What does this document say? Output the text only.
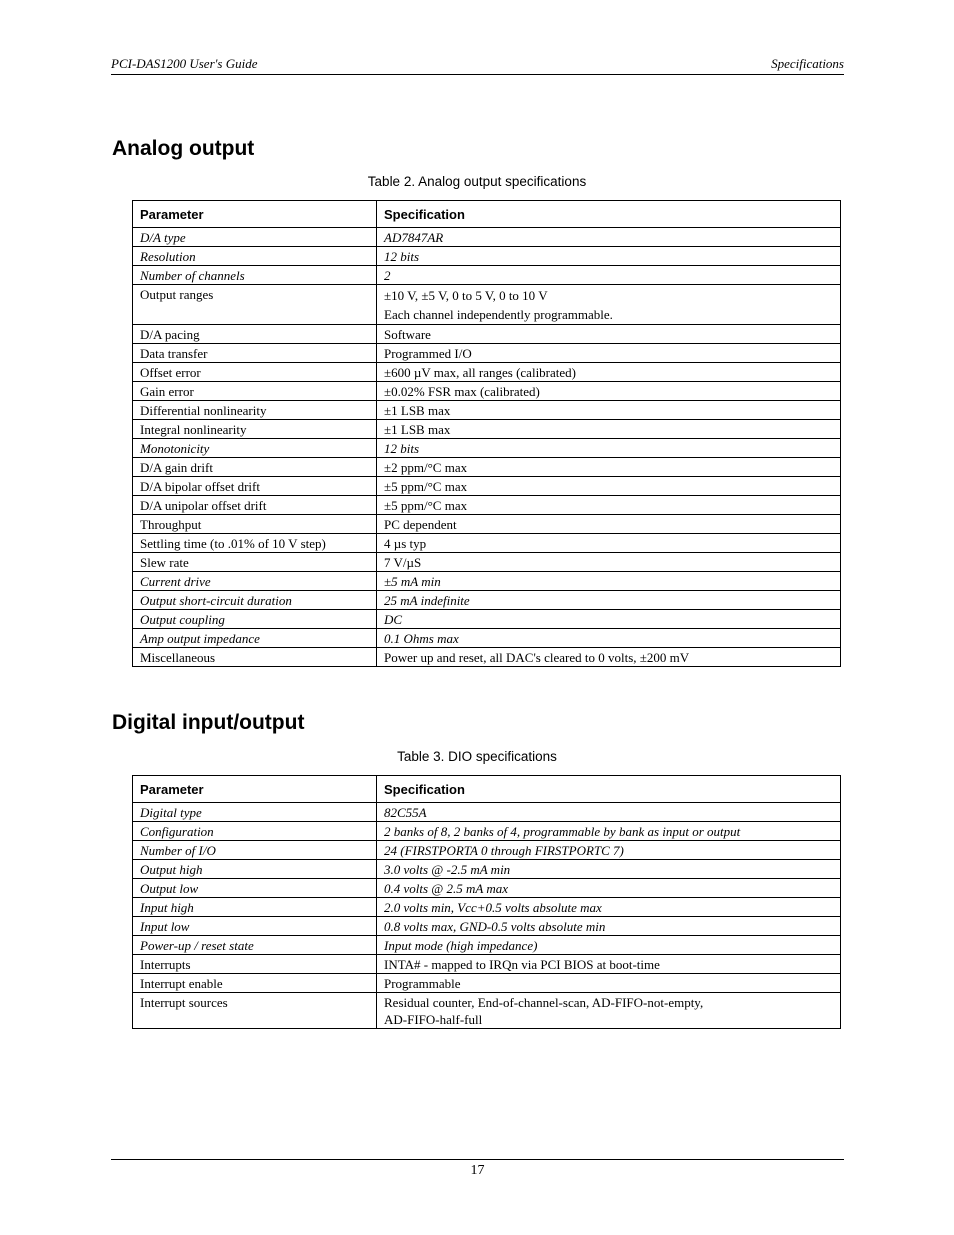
PCI-DAS1200 User's Guide	Specifications
Analog output
Table 2. Analog output specifications
Parameter	Specification
D/A type	AD7847AR
Resolution	12 bits
Number of channels	2
Output ranges	±10 V, ±5 V, 0 to 5 V, 0 to 10 V
Each channel independently programmable.
D/A pacing	Software
Data transfer	Programmed I/O
Offset error	±600 µV max, all ranges (calibrated)
Gain error	±0.02% FSR max (calibrated)
Differential nonlinearity	±1 LSB max
Integral nonlinearity	±1 LSB max
Monotonicity	12 bits
D/A gain drift	±2 ppm/°C max
D/A bipolar offset drift	±5 ppm/°C max
D/A unipolar offset drift	±5 ppm/°C max
Throughput	PC dependent
Settling time (to .01% of 10 V step)	4 µs typ
Slew rate	7 V/µS
Current drive	±5 mA min
Output short-circuit duration	25 mA indefinite
Output coupling	DC
Amp output impedance	0.1 Ohms max
Miscellaneous	Power up and reset, all DAC's cleared to 0 volts, ±200 mV
Digital input/output
Table 3. DIO specifications
Parameter	Specification
Digital type	82C55A
Configuration	2 banks of 8, 2 banks of 4, programmable by bank as input or output
Number of I/O	24 (FIRSTPORTA 0 through FIRSTPORTC 7)
Output high	3.0 volts @ -2.5 mA min
Output low	0.4 volts @ 2.5 mA max
Input high	2.0 volts min, Vcc+0.5 volts absolute max
Input low	0.8 volts max, GND-0.5 volts absolute min
Power-up / reset state	Input mode (high impedance)
Interrupts	INTA# - mapped to IRQn via PCI BIOS at boot-time
Interrupt enable	Programmable
Interrupt sources	Residual counter, End-of-channel-scan, AD-FIFO-not-empty,
AD-FIFO-half-full
17
